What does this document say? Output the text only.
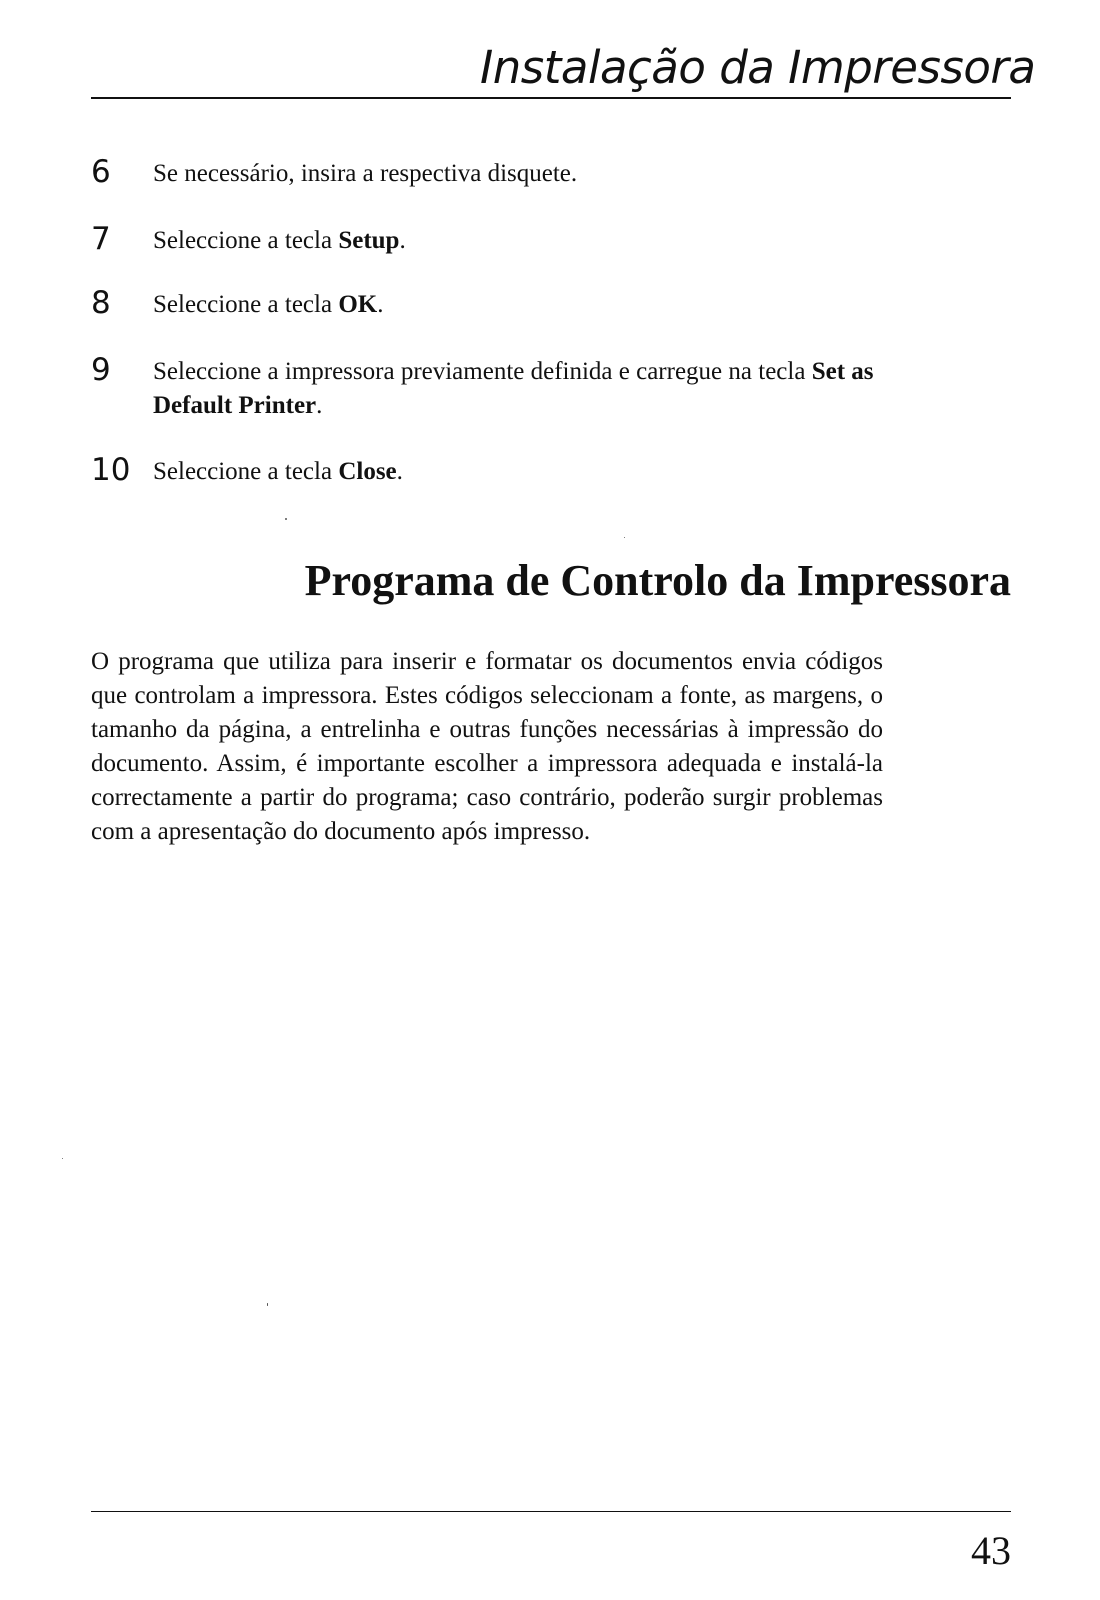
Instalação da Impressora
6 Se necessário, insira a respectiva disquete.
7 Seleccione a tecla Setup.
8 Seleccione a tecla OK.
9 Seleccione a impressora previamente definida e carregue na tecla Set as Default Printer.
10 Seleccione a tecla Close.
Programa de Controlo da Impressora

O programa que utiliza para inserir e formatar os documentos envia códigos que controlam a impressora. Estes códigos seleccionam a fonte, as margens, o tamanho da página, a entrelinha e outras funções necessárias à impressão do documento. Assim, é importante escolher a impressora adequada e instalá-la correctamente a partir do programa; caso contrário, poderão surgir problemas com a apresentação do documento após impresso.

43
